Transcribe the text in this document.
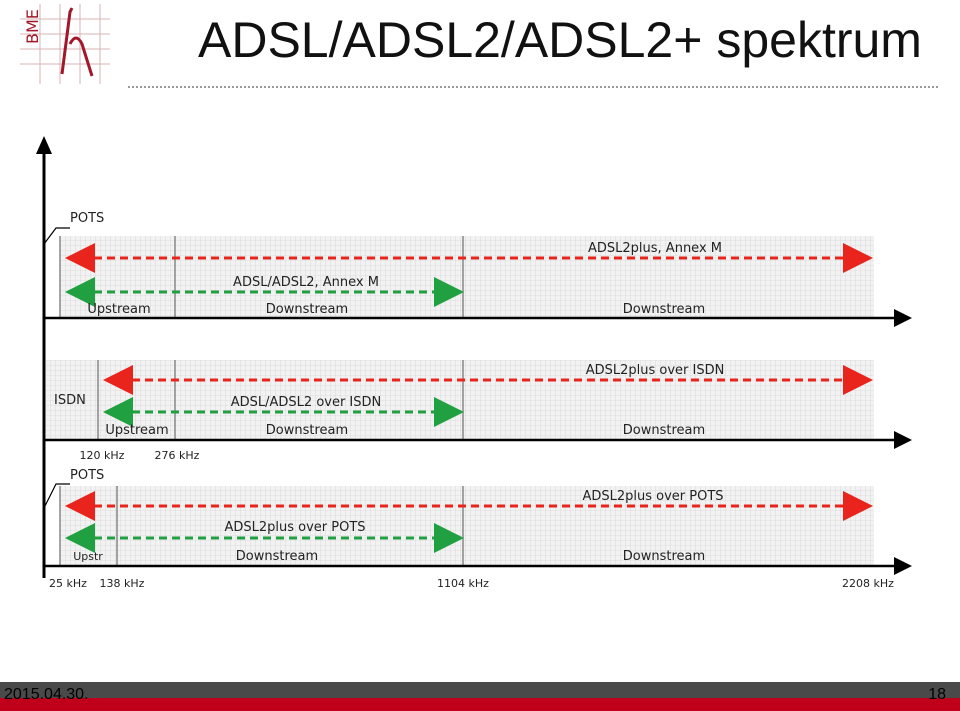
BME	ADSL/ADSL2/ADSL2+ spektrum
POTS
ADSL2plus, Annex M
ADSL/ADSL2, Annex M
Upstream	Downstream	Downstream
ISDN
ADSL2plus over ISDN
ADSL/ADSL2 over ISDN
Upstream	Downstream	Downstream
120 kHz	276 kHz
POTS
ADSL2plus over POTS
ADSL2plus over POTS
Upstr	Downstream	Downstream
25 kHz 138 kHz	1104 kHz	2208 kHz
2015.04.30.	18
